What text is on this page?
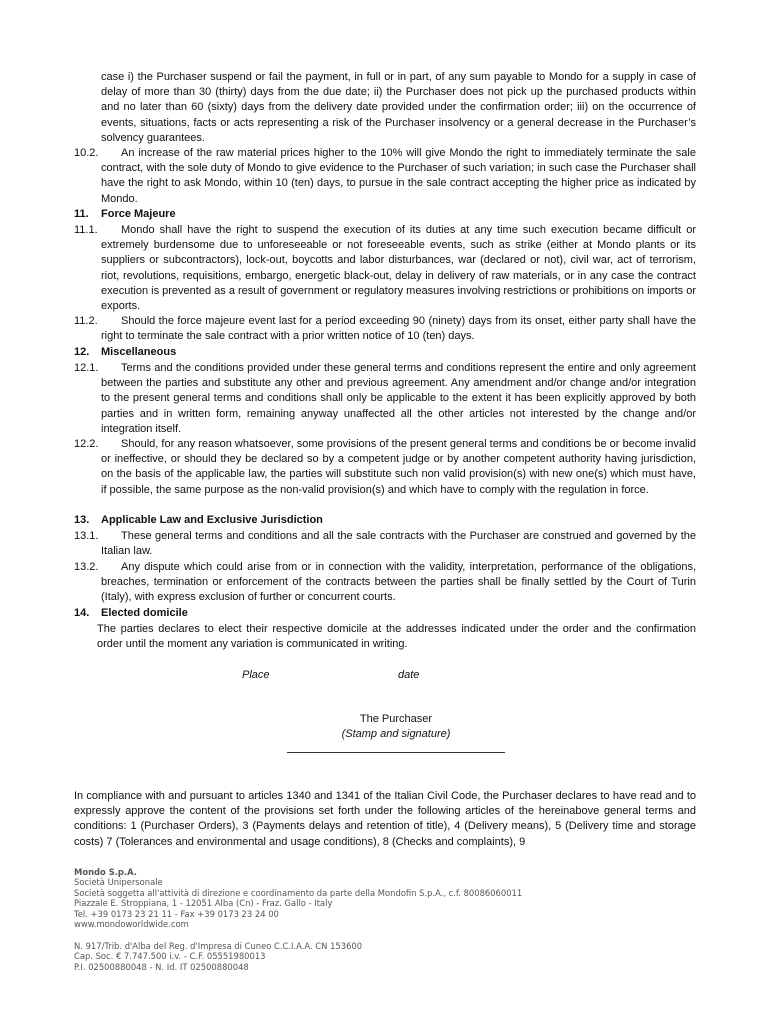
case i) the Purchaser suspend or fail the payment, in full or in part, of any sum payable to Mondo for a supply in case of delay of more than 30 (thirty) days from the due date; ii) the Purchaser does not pick up the purchased products within and no later than 60 (sixty) days from the delivery date provided under the confirmation order; iii) on the occurrence of events, situations, facts or acts representing a risk of the Purchaser insolvency or a general decrease in the Purchaser’s solvency guarantees.
10.2.	An increase of the raw material prices higher to the 10% will give Mondo the right to immediately terminate the sale contract, with the sole duty of Mondo to give evidence to the Purchaser of such variation; in such case the Purchaser shall have the right to ask Mondo, within 10 (ten) days, to pursue in the sale contract accepting the higher price as indicated by Mondo.
11. Force Majeure
11.1.	Mondo shall have the right to suspend the execution of its duties at any time such execution became difficult or extremely burdensome due to unforeseeable or not foreseeable events, such as strike (either at Mondo plants or its suppliers or subcontractors), lock-out, boycotts and labor disturbances, war (declared or not), civil war, act of terrorism, riot, revolutions, requisitions, embargo, energetic black-out, delay in delivery of raw materials, or in any case the contract execution is prevented as a result of government or regulatory measures involving restrictions or prohibitions on imports or exports.
11.2.	Should the force majeure event last for a period exceeding 90 (ninety) days from its onset, either party shall have the right to terminate the sale contract with a prior written notice of 10 (ten) days.
12. Miscellaneous
12.1.	Terms and the conditions provided under these general terms and conditions represent the entire and only agreement between the parties and substitute any other and previous agreement. Any amendment and/or change and/or integration to the present general terms and conditions shall only be applicable to the extent it has been explicitly approved by both parties and in written form, remaining anyway unaffected all the other articles not interested by the change and/or integration itself.
12.2.	Should, for any reason whatsoever, some provisions of the present general terms and conditions be or become invalid or ineffective, or should they be declared so by a competent judge or by another competent authority having jurisdiction, on the basis of the applicable law, the parties will substitute such non valid provision(s) with new one(s) which must have, if possible, the same purpose as the non-valid provision(s) and which have to comply with the regulation in force.
13. Applicable Law and Exclusive Jurisdiction
13.1.	These general terms and conditions and all the sale contracts with the Purchaser are construed and governed by the Italian law.
13.2.	Any dispute which could arise from or in connection with the validity, interpretation, performance of the obligations, breaches, termination or enforcement of the contracts between the parties shall be finally settled by the Court of Turin (Italy), with express exclusion of further or concurrent courts.
14. Elected domicile
The parties declares to elect their respective domicile at the addresses indicated under the order and the confirmation order until the moment any variation is communicated in writing.
Place	date
The Purchaser
(Stamp and signature)
In compliance with and pursuant to articles 1340 and 1341 of the Italian Civil Code, the Purchaser declares to have read and to expressly approve the content of the provisions set forth under the following articles of the hereinabove general terms and conditions: 1 (Purchaser Orders), 3 (Payments delays and retention of title), 4 (Delivery means), 5 (Delivery time and storage costs) 7 (Tolerances and environmental and usage conditions), 8 (Checks and complaints), 9
Mondo S.p.A.
Società Unipersonale
Società soggetta all'attività di direzione e coordinamento da parte della Mondofin S.p.A., c.f. 80086060011
Piazzale E. Stroppiana, 1 - 12051 Alba (Cn) - Fraz. Gallo - Italy
Tel. +39 0173 23 21 11 - Fax +39 0173 23 24 00
www.mondoworldwide.com
N. 917/Trib. d'Alba del Reg. d'Impresa di Cuneo C.C.I.A.A. CN 153600
Cap. Soc. € 7.747.500 i.v. - C.F. 05551980013
P.I. 02500880048 - N. Id. IT 02500880048
